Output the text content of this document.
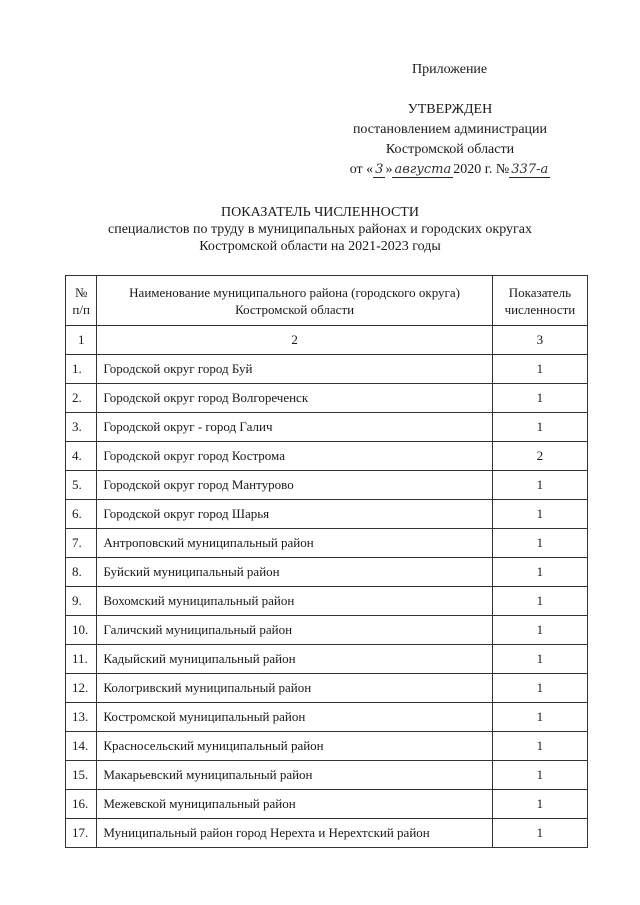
Приложение
УТВЕРЖДЕН
постановлением администрации
Костромской области
от « 3 » августа 2020 г. № 337-а
ПОКАЗАТЕЛЬ ЧИСЛЕННОСТИ
специалистов по труду в муниципальных районах и городских округах
Костромской области на 2021-2023 годы
№ п/п	Наименование муниципального района (городского округа) Костромской области	Показатель численности
1	2	3
1.	Городской округ город Буй	1
2.	Городской округ город Волгореченск	1
3.	Городской округ - город Галич	1
4.	Городской округ город Кострома	2
5.	Городской округ город Мантурово	1
6.	Городской округ город Шарья	1
7.	Антроповский муниципальный район	1
8.	Буйский муниципальный район	1
9.	Вохомский муниципальный район	1
10.	Галичский муниципальный район	1
11.	Кадыйский муниципальный район	1
12.	Кологривский муниципальный район	1
13.	Костромской муниципальный район	1
14.	Красносельский муниципальный район	1
15.	Макарьевский муниципальный район	1
16.	Межевской муниципальный район	1
17.	Муниципальный район город Нерехта и Нерехтский район	1
